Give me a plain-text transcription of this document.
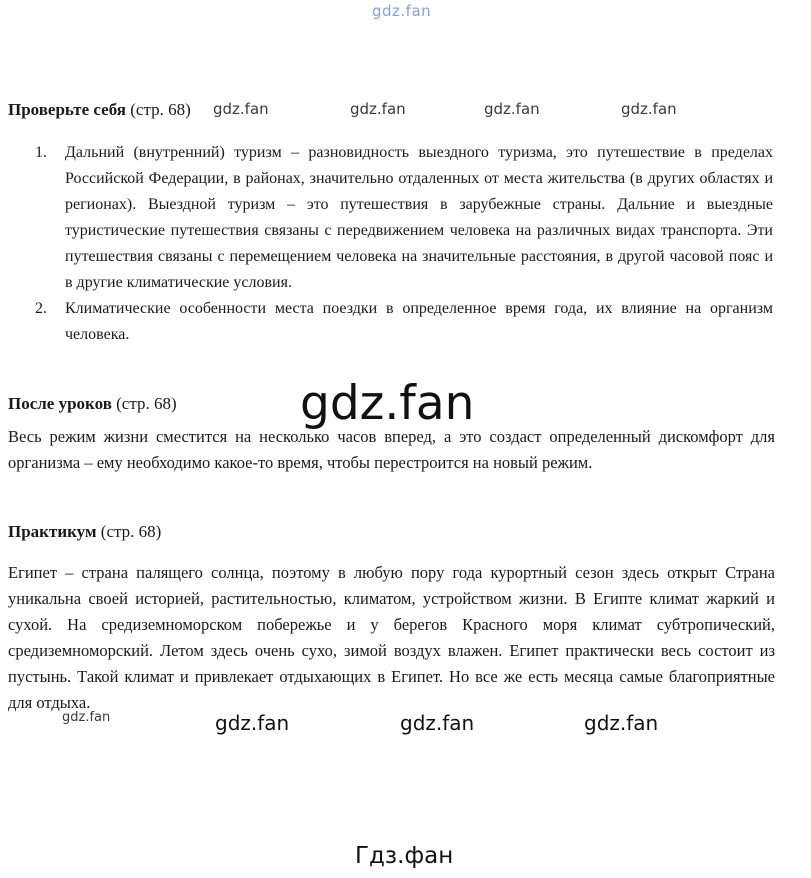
gdz.fan
Проверьте себя (стр. 68) gdz.fan	gdz.fan	gdz.fan	gdz.fan
1.	Дальний (внутренний) туризм – разновидность выездного туризма, это путешествие в пределах Российской Федерации, в районах, значительно отдаленных от места жительства (в других областях и регионах). Выездной туризм – это путешествия в зарубежные страны. Дальние и выездные туристические путешествия связаны с передвижением человека на различных видах транспорта. Эти путешествия связаны с перемещением человека на значительные расстояния, в другой часовой пояс и в другие климатические условия.
2.	Климатические особенности места поездки в определенное время года, их влияние на организм человека.
После уроков (стр. 68)	gdz.fan

Весь режим жизни сместится на несколько часов вперед, а это создаст определенный дискомфорт для организма – ему необходимо какое-то время, чтобы перестроится на новый режим.

Практикум (стр. 68)

Египет – страна палящего солнца, поэтому в любую пору года курортный сезон здесь открыт Страна уникальна своей историей, растительностью, климатом, устройством жизни. В Египте климат жаркий и сухой. На средиземноморском побережье и у берегов Красного моря климат субтропический, средиземноморский. Летом здесь очень сухо, зимой воздух влажен. Египет практически весь состоит из пустынь. Такой климат и привлекает отдыхающих в Египет. Но все же есть месяца самые благоприятные для отдыха.

gdz.fan	gdz.fan	gdz.fan	gdz.fan
Гдз.фан
